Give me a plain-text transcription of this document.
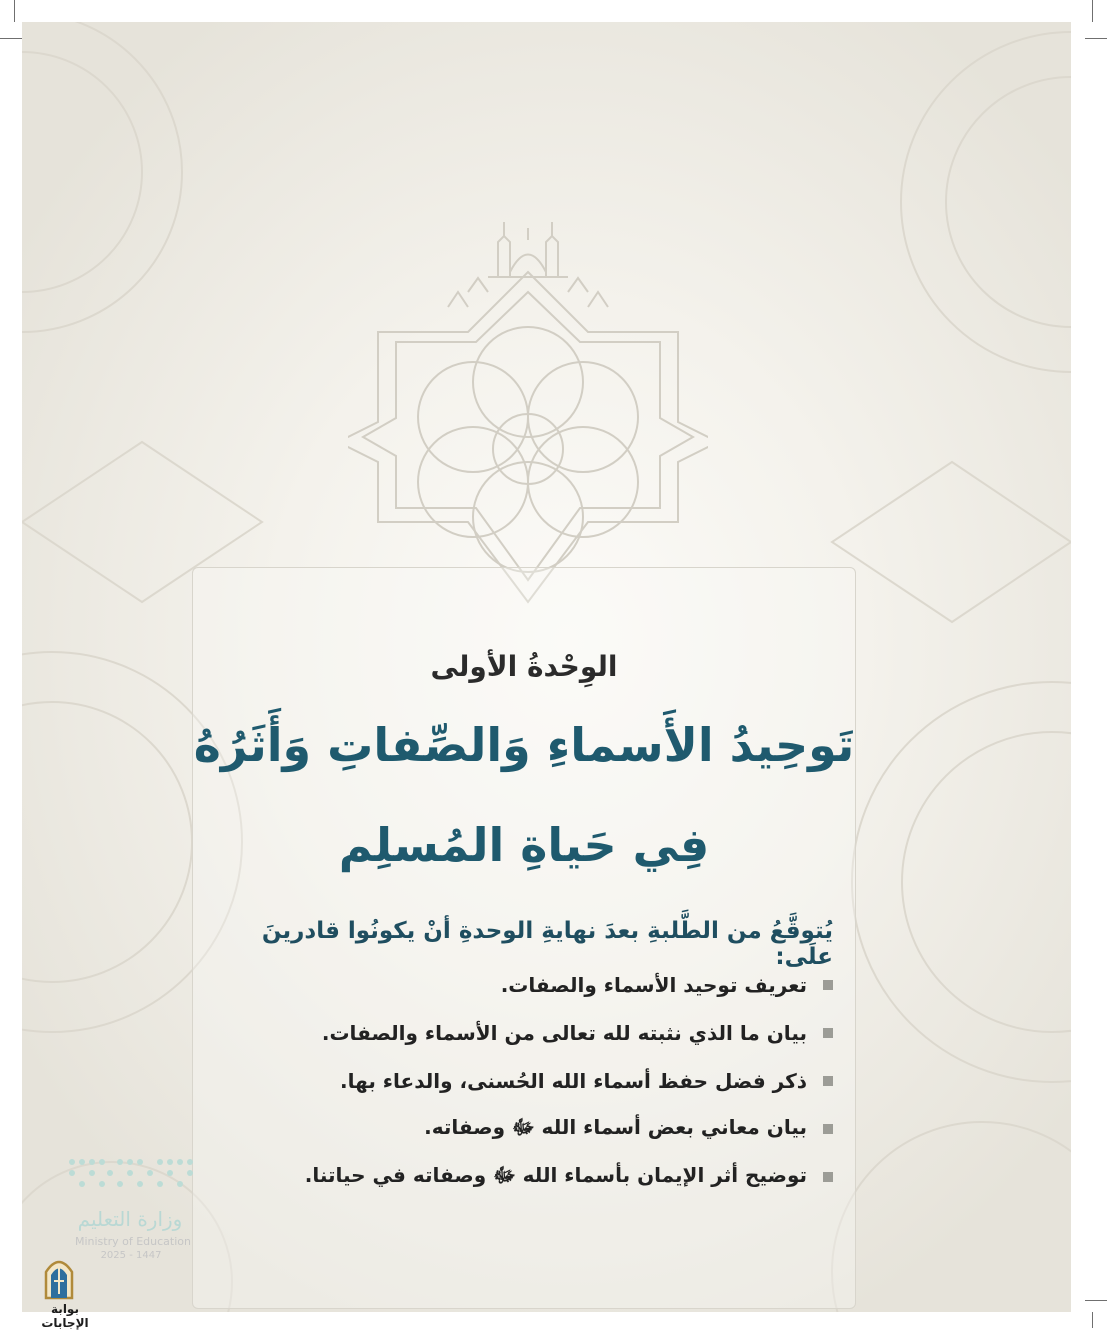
الوِحْدةُ الأولى
تَوحِيدُ الأَسماءِ وَالصِّفاتِ وَأَثَرُهُ
فِي حَياةِ المُسلِم
يُتوقَّعُ من الطَّلبةِ بعدَ نهايةِ الوحدةِ أنْ يكونُوا قادرينَ علَى:
تعريف توحيد الأسماء والصفات.
بيان ما الذي نثبته لله تعالى من الأسماء والصفات.
ذكر فضل حفظ أسماء الله الحُسنى، والدعاء بها.
بيان معاني بعض أسماء الله ﷻ وصفاته.
توضيح أثر الإيمان بأسماء الله ﷻ وصفاته في حياتنا.
وزارة التعليم
Ministry of Education
2025 - 1447
بوابة الإجابات
